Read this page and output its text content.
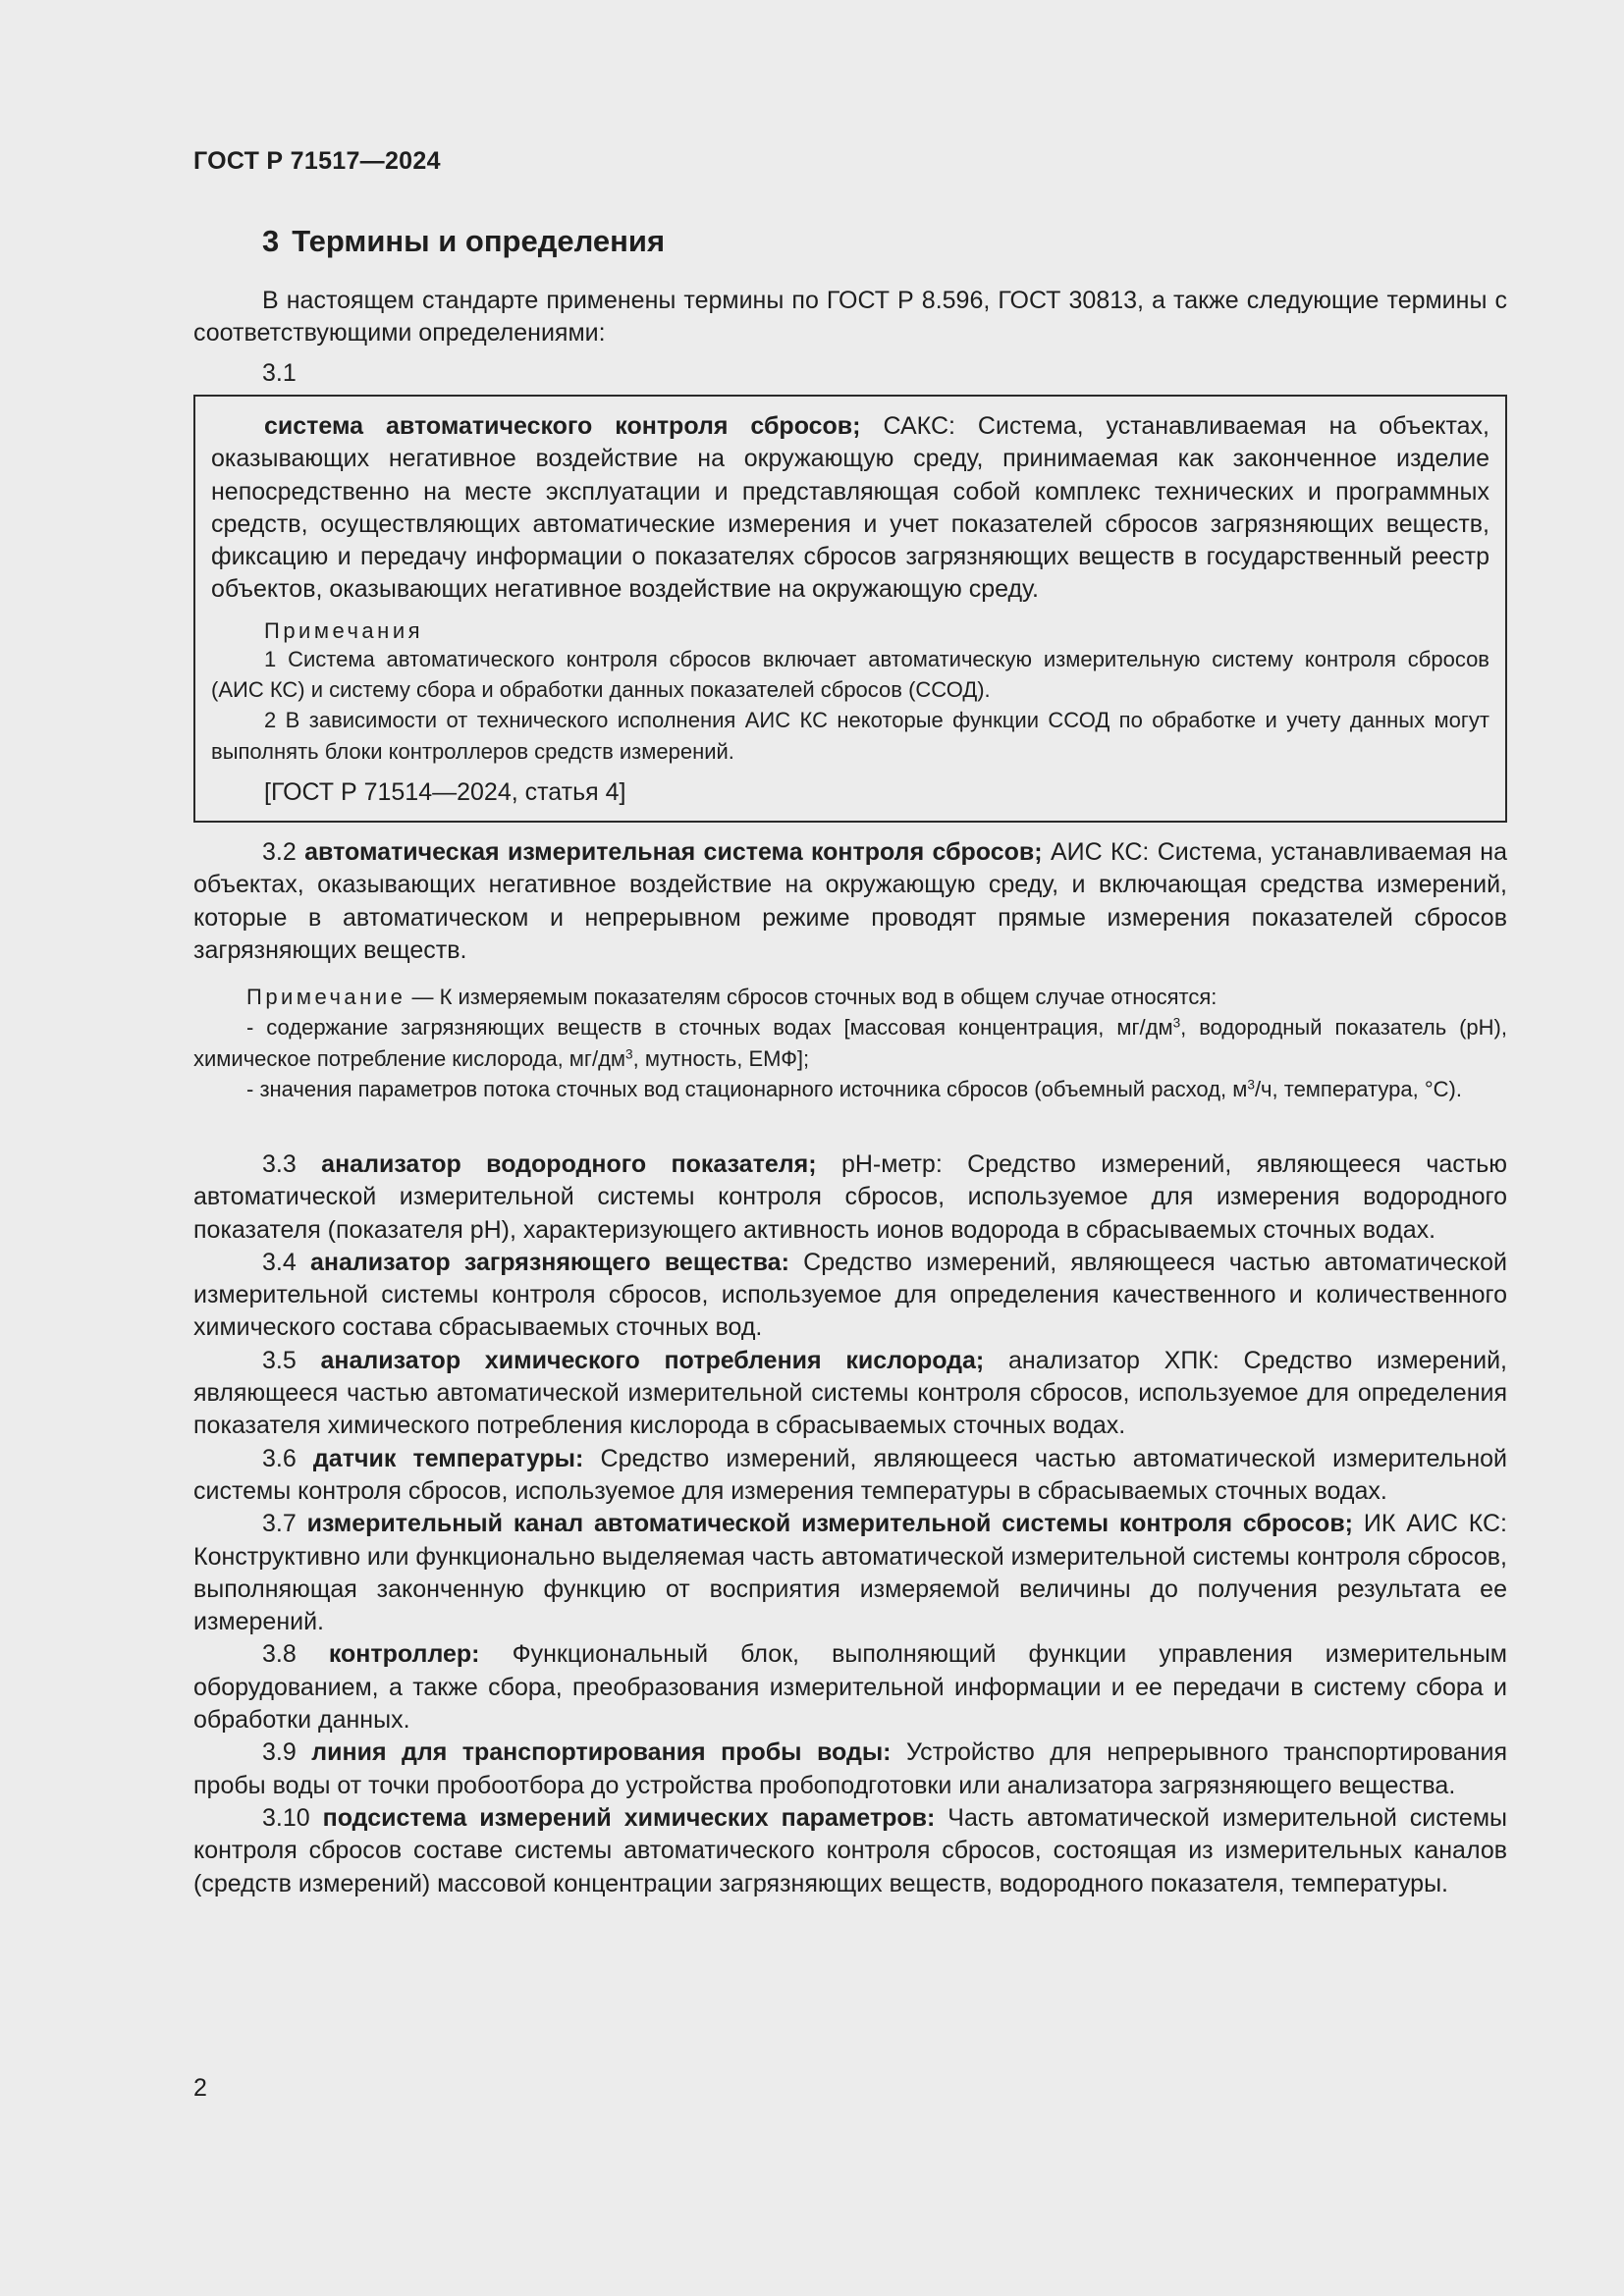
ГОСТ Р 71517—2024
3 Термины и определения

В настоящем стандарте применены термины по ГОСТ Р 8.596, ГОСТ 30813, а также следующие термины с соответствующими определениями:

3.1

система автоматического контроля сбросов; САКС: Система, устанавливаемая на объектах, оказывающих негативное воздействие на окружающую среду, принимаемая как законченное изделие непосредственно на месте эксплуатации и представляющая собой комплекс технических и программных средств, осуществляющих автоматические измерения и учет показателей сбросов загрязняющих веществ, фиксацию и передачу информации о показателях сбросов загрязняющих веществ в государственный реестр объектов, оказывающих негативное воздействие на окружающую среду.

Примечания

1 Система автоматического контроля сбросов включает автоматическую измерительную систему контроля сбросов (АИС КС) и систему сбора и обработки данных показателей сбросов (ССОД).

2 В зависимости от технического исполнения АИС КС некоторые функции ССОД по обработке и учету данных могут выполнять блоки контроллеров средств измерений.

[ГОСТ Р 71514—2024, статья 4]

3.2 автоматическая измерительная система контроля сбросов; АИС КС: Система, устанавливаемая на объектах, оказывающих негативное воздействие на окружающую среду, и включающая средства измерений, которые в автоматическом и непрерывном режиме проводят прямые измерения показателей сбросов загрязняющих веществ.

Примечание — К измеряемым показателям сбросов сточных вод в общем случае относятся:

- содержание загрязняющих веществ в сточных водах [массовая концентрация, $мг/дм^3$, водородный показатель (pH), химическое потребление кислорода, $мг/дм^3$, мутность, ЕМФ];

- значения параметров потока сточных вод стационарного источника сбросов (объемный расход, $м^3/ч$, температура, °С).

3.3 анализатор водородного показателя; pH-метр: Средство измерений, являющееся частью автоматической измерительной системы контроля сбросов, используемое для измерения водородного показателя (показателя pH), характеризующего активность ионов водорода в сбрасываемых сточных водах.

3.4 анализатор загрязняющего вещества: Средство измерений, являющееся частью автоматической измерительной системы контроля сбросов, используемое для определения качественного и количественного химического состава сбрасываемых сточных вод.

3.5 анализатор химического потребления кислорода; анализатор ХПК: Средство измерений, являющееся частью автоматической измерительной системы контроля сбросов, используемое для определения показателя химического потребления кислорода в сбрасываемых сточных водах.

3.6 датчик температуры: Средство измерений, являющееся частью автоматической измерительной системы контроля сбросов, используемое для измерения температуры в сбрасываемых сточных водах.

3.7 измерительный канал автоматической измерительной системы контроля сбросов; ИК АИС КС: Конструктивно или функционально выделяемая часть автоматической измерительной системы контроля сбросов, выполняющая законченную функцию от восприятия измеряемой величины до получения результата ее измерений.

3.8 контроллер: Функциональный блок, выполняющий функции управления измерительным оборудованием, а также сбора, преобразования измерительной информации и ее передачи в систему сбора и обработки данных.

3.9 линия для транспортирования пробы воды: Устройство для непрерывного транспортирования пробы воды от точки пробоотбора до устройства пробоподготовки или анализатора загрязняющего вещества.

3.10 подсистема измерений химических параметров: Часть автоматической измерительной системы контроля сбросов составе системы автоматического контроля сбросов, состоящая из измерительных каналов (средств измерений) массовой концентрации загрязняющих веществ, водородного показателя, температуры.

2
